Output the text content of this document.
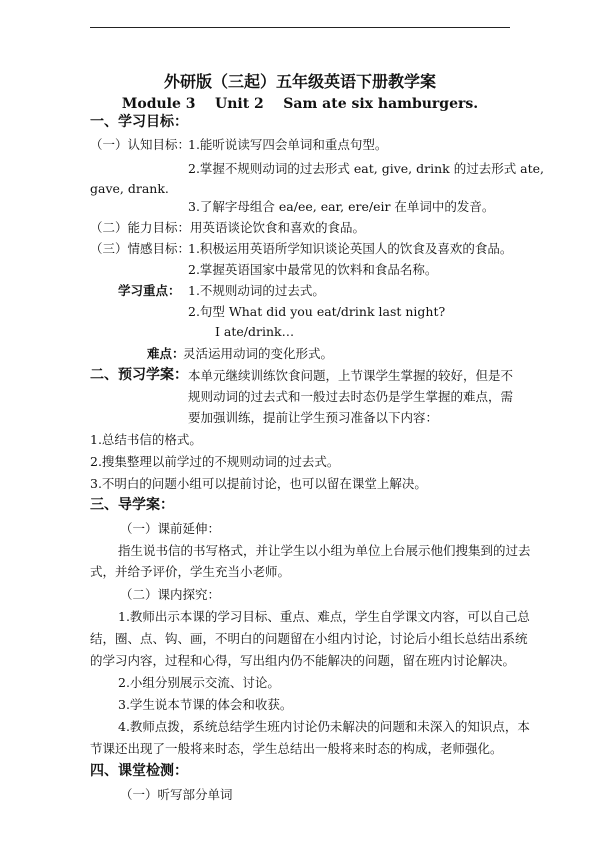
外研版（三起）五年级英语下册教学案
Module 3    Unit 2    Sam ate six hamburgers.
一、学习目标：
（一）认知目标：
1.能听说读写四会单词和重点句型。
2.掌握不规则动词的过去形式 eat, give, drink 的过去形式 ate,
gave, drank.
3.了解字母组合 ea/ee, ear, ere/eir 在单词中的发音。
（二）能力目标：用英语谈论饮食和喜欢的食品。
（三）情感目标：
1.积极运用英语所学知识谈论英国人的饮食及喜欢的食品。
2.掌握英语国家中最常见的饮料和食品名称。
学习重点： 1.不规则动词的过去式。
2.句型 What did you eat/drink last night?
I ate/drink…
难点：
灵活运用动词的变化形式。
二、预习学案： 本单元继续训练饮食问题，上节课学生掌握的较好，但是不
规则动词的过去式和一般过去时态仍是学生掌握的难点，需
要加强训练，提前让学生预习准备以下内容：
1.总结书信的格式。
2.搜集整理以前学过的不规则动词的过去式。
3.不明白的问题小组可以提前讨论，也可以留在课堂上解决。
三、导学案：
（一）课前延伸：
指生说书信的书写格式，并让学生以小组为单位上台展示他们搜集到的过去
式，并给予评价，学生充当小老师。
（二）课内探究：
1.教师出示本课的学习目标、重点、难点，学生自学课文内容，可以自己总
结，圈、点、钩、画，不明白的问题留在小组内讨论，讨论后小组长总结出系统
的学习内容，过程和心得，写出组内仍不能解决的问题，留在班内讨论解决。
2.小组分别展示交流、讨论。
3.学生说本节课的体会和收获。
4.教师点拨，系统总结学生班内讨论仍未解决的问题和未深入的知识点，本
节课还出现了一般将来时态，学生总结出一般将来时态的构成，老师强化。
四、课堂检测：
（一）听写部分单词
